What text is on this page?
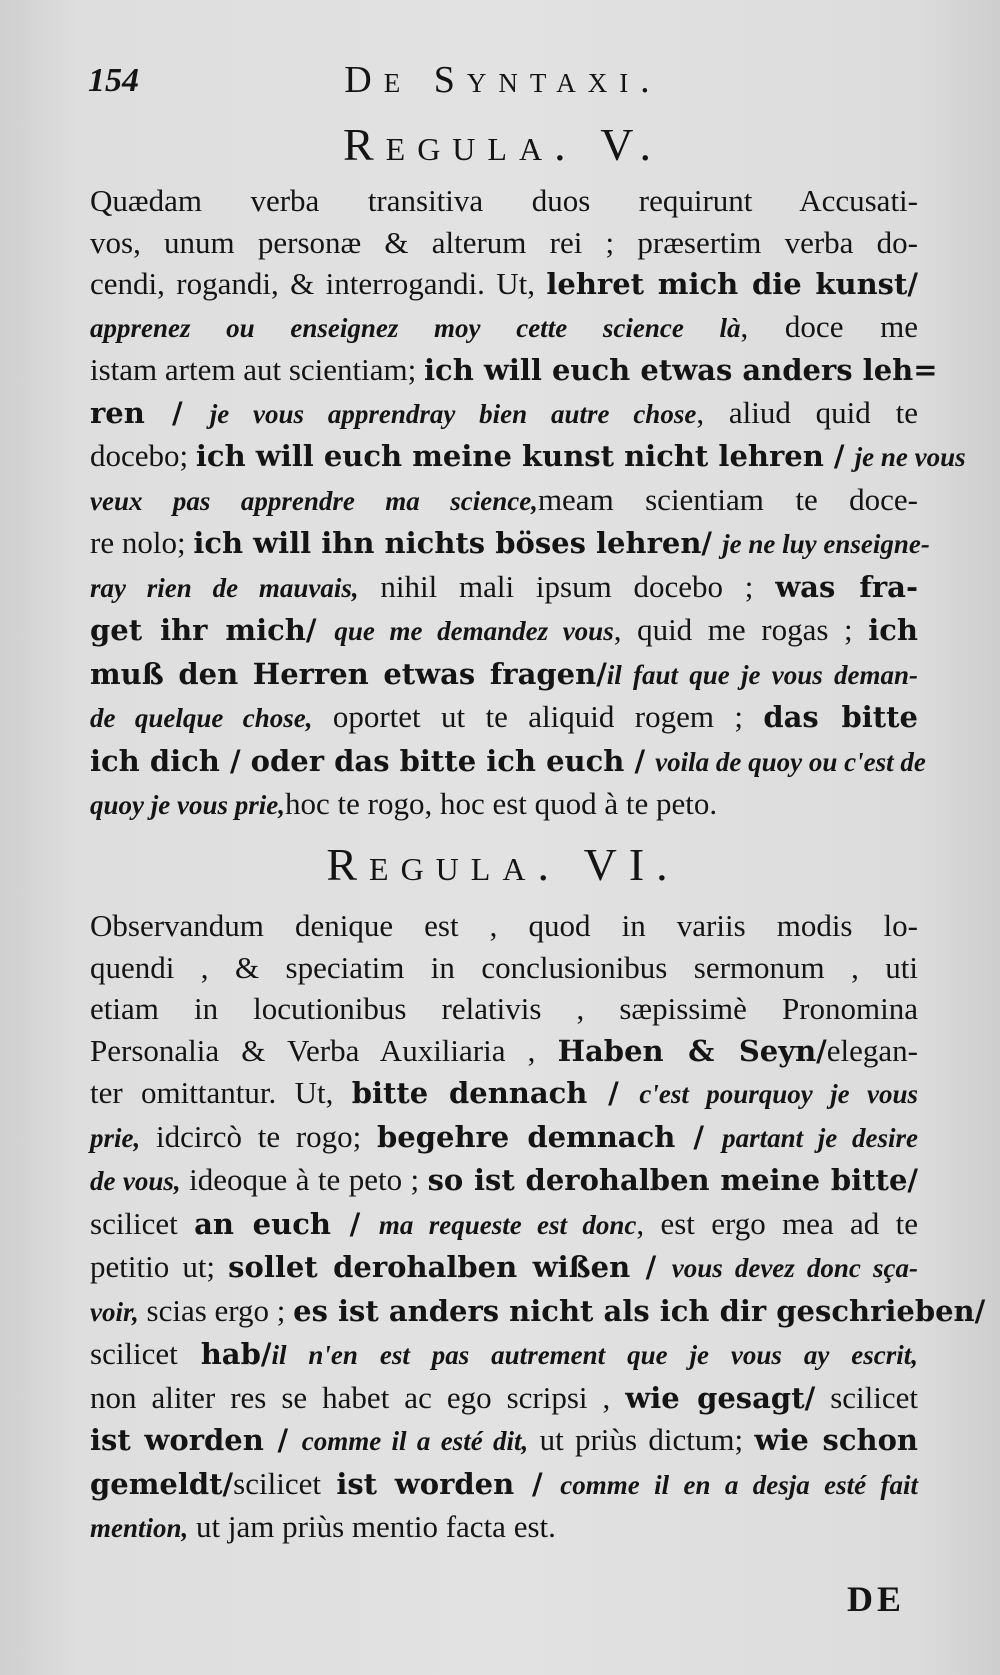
154	De Syntaxi.
Regula. V.
Quædam verba transitiva duos requirunt Accusati-
vos, unum personæ & alterum rei ; præsertim verba do-
cendi, rogandi, & interrogandi. Ut, lehret mich die kunst/
apprenez ou enseignez moy cette science là, doce me
istam artem aut scientiam; ich will euch etwas anders leh=
ren / je vous apprendray bien autre chose, aliud quid te
docebo; ich will euch meine kunst nicht lehren / je ne vous
veux pas apprendre ma science,meam scientiam te doce-
re nolo; ich will ihn nichts böses lehren/ je ne luy enseigne-
ray rien de mauvais, nihil mali ipsum docebo ; was fra-
get ihr mich/ que me demandez vous, quid me rogas ; ich
muß den Herren etwas fragen/il faut que je vous deman-
de quelque chose, oportet ut te aliquid rogem ; das bitte
ich dich / oder das bitte ich euch / voila de quoy ou c'est de
quoy je vous prie,hoc te rogo, hoc est quod à te peto.
Regula. VI.
Observandum denique est , quod in variis modis lo-
quendi , & speciatim in conclusionibus sermonum , uti
etiam in locutionibus relativis , sæpissimè Pronomina
Personalia & Verba Auxiliaria , Haben & Seyn/elegan-
ter omittantur. Ut, bitte dennach / c'est pourquoy je vous
prie, idcircò te rogo; begehre demnach / partant je desire
de vous, ideoque à te peto ; so ist derohalben meine bitte/
scilicet an euch / ma requeste est donc, est ergo mea ad te
petitio ut; sollet derohalben wißen / vous devez donc sça-
voir, scias ergo ; es ist anders nicht als ich dir geschrieben/
scilicet hab/il n'en est pas autrement que je vous ay escrit,
non aliter res se habet ac ego scripsi , wie gesagt/ scilicet
ist worden / comme il a esté dit, ut priùs dictum; wie schon
gemeldt/scilicet ist worden / comme il en a desja esté fait
mention, ut jam priùs mentio facta est.
DE
